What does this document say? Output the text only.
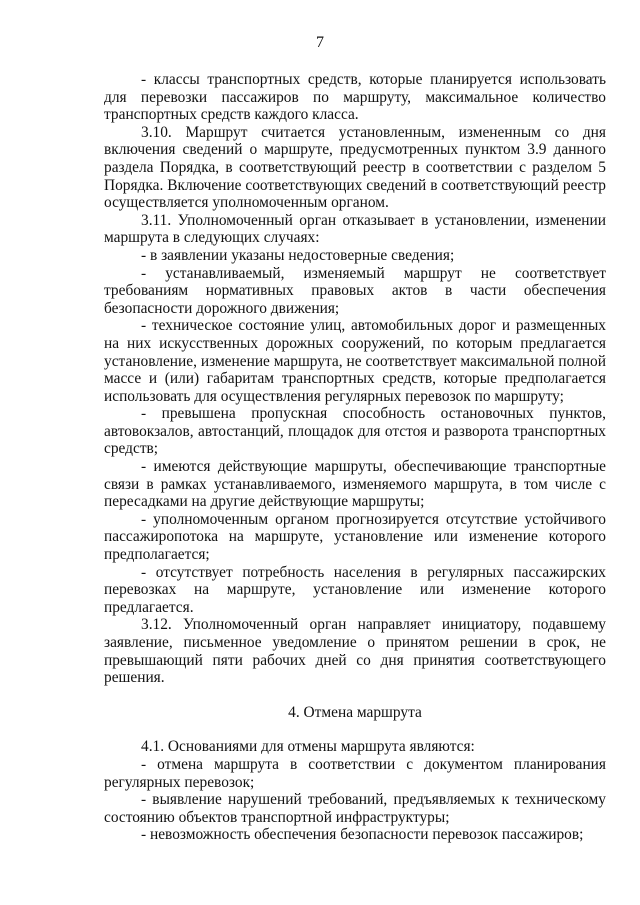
7

- классы транспортных средств, которые планируется использовать для перевозки пассажиров по маршруту, максимальное количество транспортных средств каждого класса.

3.10. Маршрут считается установленным, измененным со дня включения сведений о маршруте, предусмотренных пунктом 3.9 данного раздела Порядка, в соответствующий реестр в соответствии с разделом 5 Порядка. Включение соответствующих сведений в соответствующий реестр осуществляется уполномоченным органом.

3.11. Уполномоченный орган отказывает в установлении, изменении маршрута в следующих случаях:

- в заявлении указаны недостоверные сведения;

- устанавливаемый, изменяемый маршрут не соответствует требованиям нормативных правовых актов в части обеспечения безопасности дорожного движения;

- техническое состояние улиц, автомобильных дорог и размещенных на них искусственных дорожных сооружений, по которым предлагается установление, изменение маршрута, не соответствует максимальной полной массе и (или) габаритам транспортных средств, которые предполагается использовать для осуществления регулярных перевозок по маршруту;

- превышена пропускная способность остановочных пунктов, автовокзалов, автостанций, площадок для отстоя и разворота транспортных средств;

- имеются действующие маршруты, обеспечивающие транспортные связи в рамках устанавливаемого, изменяемого маршрута, в том числе с пересадками на другие действующие маршруты;

- уполномоченным органом прогнозируется отсутствие устойчивого пассажиропотока на маршруте, установление или изменение которого предполагается;

- отсутствует потребность населения в регулярных пассажирских перевозках на маршруте, установление или изменение которого предлагается.

3.12. Уполномоченный орган направляет инициатору, подавшему заявление, письменное уведомление о принятом решении в срок, не превышающий пяти рабочих дней со дня принятия соответствующего решения.

4. Отмена маршрута

4.1. Основаниями для отмены маршрута являются:

- отмена маршрута в соответствии с документом планирования регулярных перевозок;

- выявление нарушений требований, предъявляемых к техническому состоянию объектов транспортной инфраструктуры;

- невозможность обеспечения безопасности перевозок пассажиров;
